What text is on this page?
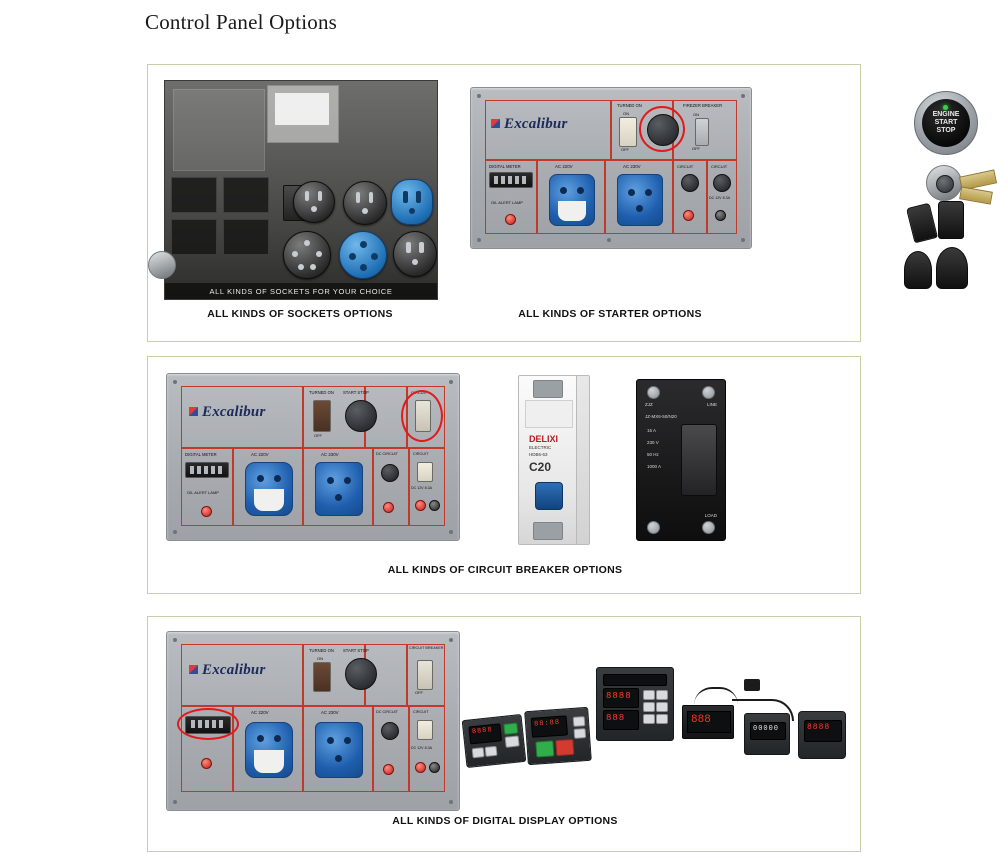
Control Panel Options
ALL KINDS OF SOCKETS FOR YOUR CHOICE
ALL KINDS OF SOCKETS OPTIONS
Excalibur
TURNED ON
ON
OFF
FIREZER BREAKER
ON
OFF
DIGITAL METER
OIL ALERT LAMP
AC 220V	AC 230V	CIRCUIT	CIRCUIT
DC 12V 8.3A
ENGINE
START
STOP
ALL KINDS OF STARTER OPTIONS
Excalibur
TURNED ON
OFF
START STOP	CIRCUIT
DIGITAL METER
OIL ALERT LAMP
AC 220V	AC 230V	DC CIRCUIT	CIRCUIT
DC 12V 8.3A
DELIXI
ELECTRIC
HDB6-63
C20
ZJZ	LINE
JZ-MX6-50/N20
15 A
230 V
50 Hz
1000 A
LOAD
ALL KINDS OF CIRCUIT BREAKER OPTIONS
Excalibur
TURNED ON
ON
START STOP	CIRCUIT BREAKER
OFF
AC 220V	AC 230V	DC CIRCUIT	CIRCUIT
DC 12V 8.3A
8888
88:88
8888
888	888
00000	8888
ALL KINDS OF DIGITAL DISPLAY OPTIONS
